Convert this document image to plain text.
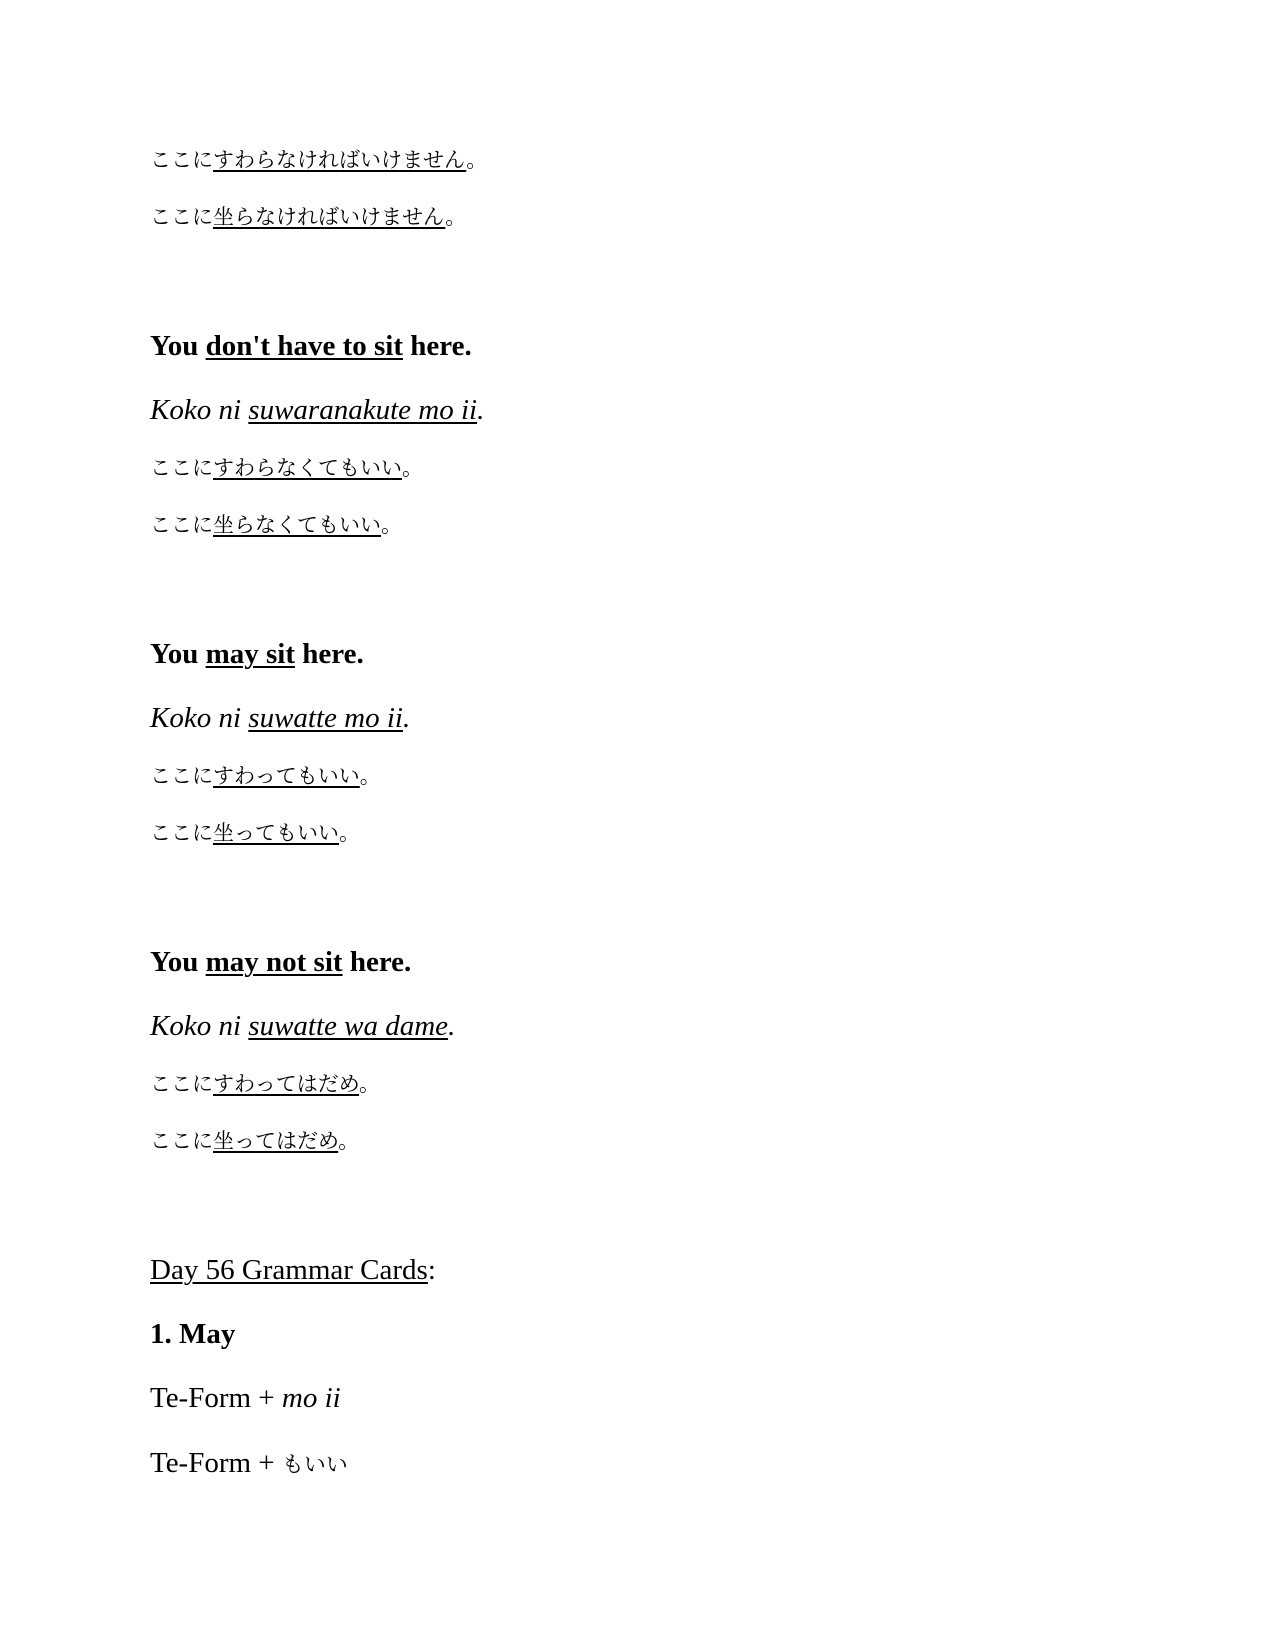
ここにすわらなければいけません。
ここに坐らなければいけません。
You don't have to sit here.
Koko ni suwaranakute mo ii.
ここにすわらなくてもいい。
ここに坐らなくてもいい。
You may sit here.
Koko ni suwatte mo ii.
ここにすわってもいい。
ここに坐ってもいい。
You may not sit here.
Koko ni suwatte wa dame.
ここにすわってはだめ。
ここに坐ってはだめ。
Day 56 Grammar Cards:
1. May
Te-Form + mo ii
Te-Form + もいい
